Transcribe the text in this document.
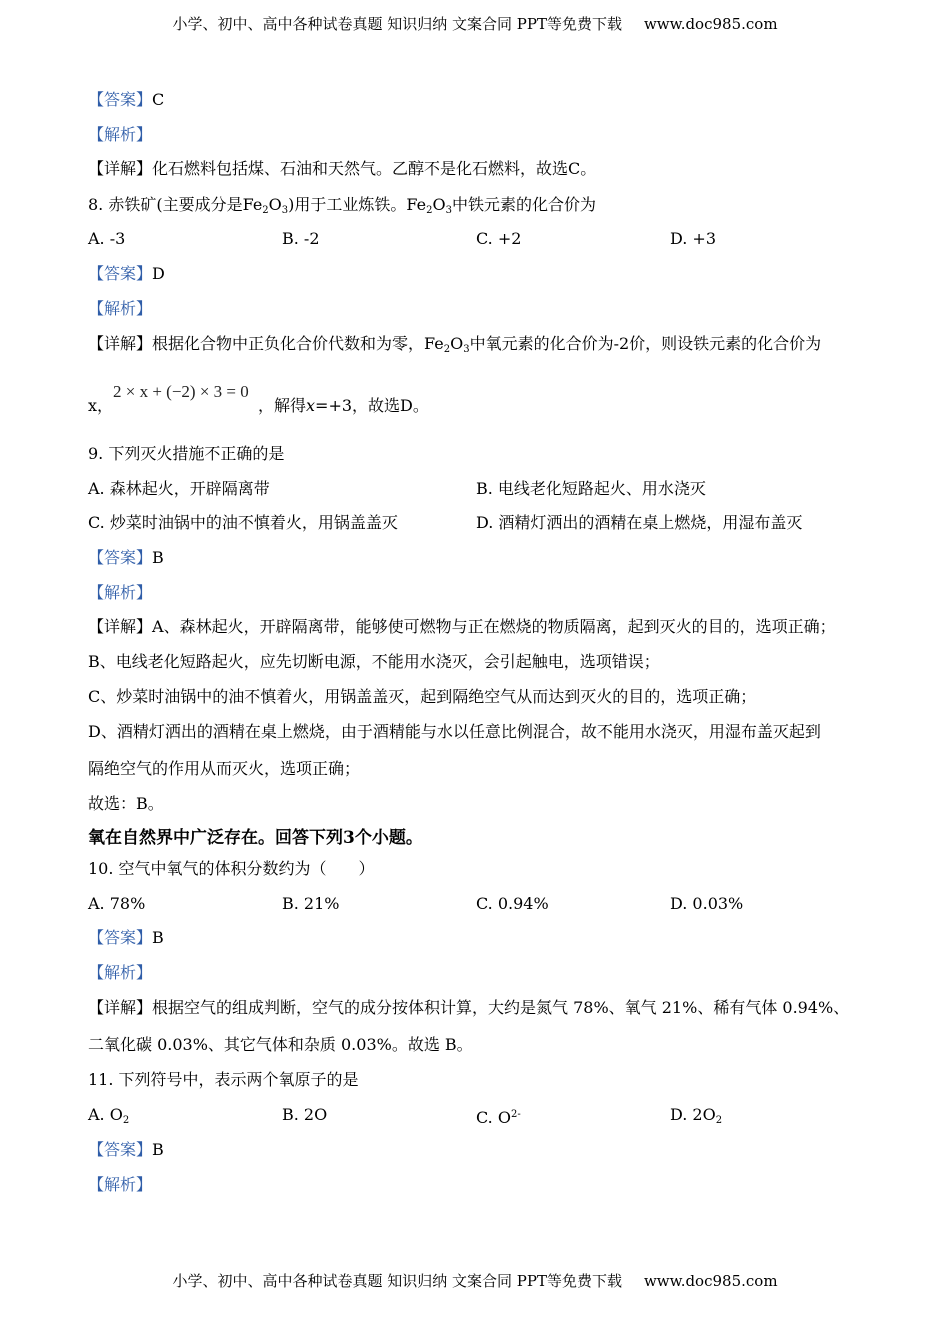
小学、初中、高中各种试卷真题 知识归纳 文案合同 PPT等免费下载 www.doc985.com
【答案】C
【解析】
【详解】化石燃料包括煤、石油和天然气。乙醇不是化石燃料，故选C。
8. 赤铁矿(主要成分是$Fe_2O_3$)用于工业炼铁。$Fe_2O_3$中铁元素的化合价为
A. -3	B. -2	C. +2	D. +3
【答案】D
【解析】
【详解】根据化合物中正负化合价代数和为零，$Fe_2O_3$中氧元素的化合价为-2价，则设铁元素的化合价为
x，
2 × x + (−2) × 3 = 0
，解得x=+3，故选D。
9. 下列灭火措施不正确的是
A. 森林起火，开辟隔离带	B. 电线老化短路起火、用水浇灭
C. 炒菜时油锅中的油不慎着火，用锅盖盖灭	D. 酒精灯洒出的酒精在桌上燃烧，用湿布盖灭
【答案】B
【解析】
【详解】A、森林起火，开辟隔离带，能够使可燃物与正在燃烧的物质隔离，起到灭火的目的，选项正确；
B、电线老化短路起火，应先切断电源，不能用水浇灭，会引起触电，选项错误；
C、炒菜时油锅中的油不慎着火，用锅盖盖灭，起到隔绝空气从而达到灭火的目的，选项正确；
D、酒精灯洒出的酒精在桌上燃烧，由于酒精能与水以任意比例混合，故不能用水浇灭，用湿布盖灭起到
隔绝空气的作用从而灭火，选项正确；
故选：B。
氧在自然界中广泛存在。回答下列3个小题。
10. 空气中氧气的体积分数约为（　　）
A. 78%	B. 21%	C. 0.94%	D. 0.03%
【答案】B
【解析】
【详解】根据空气的组成判断，空气的成分按体积计算，大约是氮气 78%、氧气 21%、稀有气体 0.94%、
二氧化碳 0.03%、其它气体和杂质 0.03%。故选 B。
11. 下列符号中，表示两个氧原子的是
A. $O_2$	B. 2O	C. $O^{2-}$	D. $2O_2$
【答案】B
【解析】
小学、初中、高中各种试卷真题 知识归纳 文案合同 PPT等免费下载 www.doc985.com
